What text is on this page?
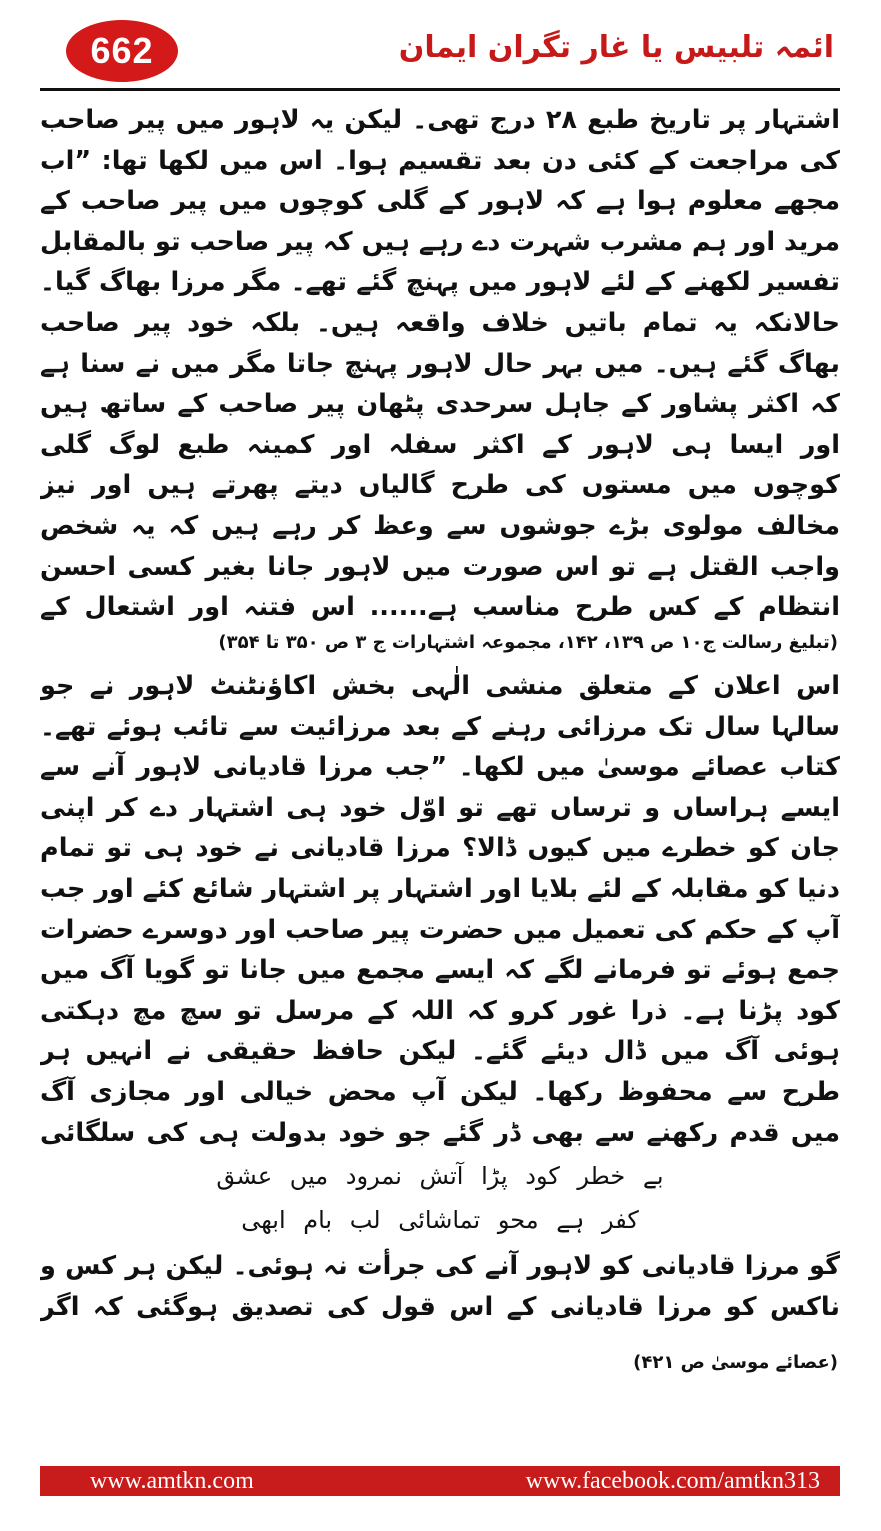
662	ائمہ تلبیس یا غار تگران ایمان

اشتہار پر تاریخ طبع ۲۸ درج تھی۔ لیکن یہ لاہور میں پیر صاحب کی مراجعت کے کئی دن بعد تقسیم ہوا۔ اس میں لکھا تھا: ”اب مجھے معلوم ہوا ہے کہ لاہور کے گلی کوچوں میں پیر صاحب کے مرید اور ہم مشرب شہرت دے رہے ہیں کہ پیر صاحب تو بالمقابل تفسیر لکھنے کے لئے لاہور میں پہنچ گئے تھے۔ مگر مرزا بھاگ گیا۔ حالانکہ یہ تمام باتیں خلاف واقعہ ہیں۔ بلکہ خود پیر صاحب بھاگ گئے ہیں۔ میں بہر حال لاہور پہنچ جاتا مگر میں نے سنا ہے کہ اکثر پشاور کے جاہل سرحدی پٹھان پیر صاحب کے ساتھ ہیں اور ایسا ہی لاہور کے اکثر سفلہ اور کمینہ طبع لوگ گلی کوچوں میں مستوں کی طرح گالیاں دیتے پھرتے ہیں اور نیز مخالف مولوی بڑے جوشوں سے وعظ کر رہے ہیں کہ یہ شخص واجب القتل ہے تو اس صورت میں لاہور جانا بغیر کسی احسن انتظام کے کس طرح مناسب ہے...... اس فتنہ اور اشتعال کے

(تبلیغ رسالت ج۱۰ ص ۱۳۹، ۱۴۲، مجموعہ اشتہارات ج ۳ ص ۳۵۰ تا ۳۵۴)

اس اعلان کے متعلق منشی الٰہی بخش اکاؤنٹنٹ لاہور نے جو سالہا سال تک مرزائی رہنے کے بعد مرزائیت سے تائب ہوئے تھے۔ کتاب عصائے موسیٰ میں لکھا۔ ”جب مرزا قادیانی لاہور آنے سے ایسے ہراساں و ترساں تھے تو اوّل خود ہی اشتہار دے کر اپنی جان کو خطرے میں کیوں ڈالا؟ مرزا قادیانی نے خود ہی تو تمام دنیا کو مقابلہ کے لئے بلایا اور اشتہار پر اشتہار شائع کئے اور جب آپ کے حکم کی تعمیل میں حضرت پیر صاحب اور دوسرے حضرات جمع ہوئے تو فرمانے لگے کہ ایسے مجمع میں جانا تو گویا آگ میں کود پڑنا ہے۔ ذرا غور کرو کہ اللہ کے مرسل تو سچ مچ دہکتی ہوئی آگ میں ڈال دیئے گئے۔ لیکن حافظ حقیقی نے انہیں ہر طرح سے محفوظ رکھا۔ لیکن آپ محض خیالی اور مجازی آگ میں قدم رکھنے سے بھی ڈر گئے جو خود بدولت ہی کی سلگائی

بے خطر کود پڑا آتش نمرود میں عشق

کفر ہے محو تماشائی لب بام ابھی

گو مرزا قادیانی کو لاہور آنے کی جرأت نہ ہوئی۔ لیکن ہر کس و ناکس کو مرزا قادیانی کے اس قول کی تصدیق ہوگئی کہ اگر

(عصائے موسیٰ ص ۴۲۱)

www.amtkn.com	www.facebook.com/amtkn313
